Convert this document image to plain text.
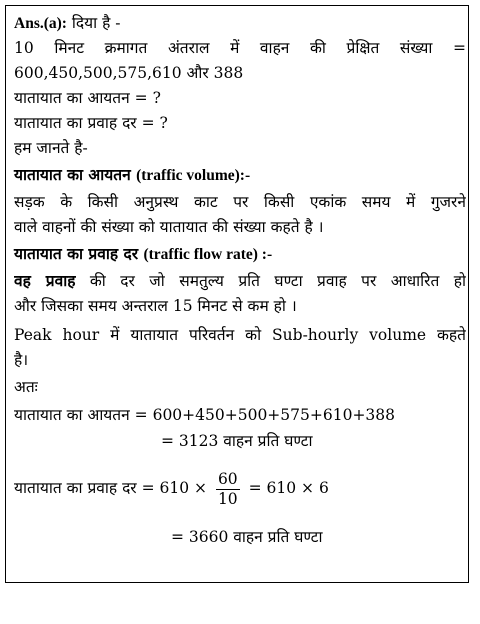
Ans.(a): दिया है -
10 मिनट क्रमागत अंतराल में वाहन की प्रेक्षित संख्या =
600,450,500,575,610 और 388
यातायात का आयतन = ?
यातायात का प्रवाह दर = ?
हम जानते है-
यातायात का आयतन (traffic volume):-
सड़क के किसी अनुप्रस्थ काट पर किसी एकांक समय में गुजरने
वाले वाहनों की संख्या को यातायात की संख्या कहते है ।
यातायात का प्रवाह दर (traffic flow rate) :-
वह प्रवाह की दर जो समतुल्य प्रति घण्टा प्रवाह पर आधारित हो
और जिसका समय अन्तराल 15 मिनट से कम हो ।
Peak hour में यातायात परिवर्तन को Sub-hourly volume कहते
है।
अतः
यातायात का आयतन = 600+450+500+575+610+388
= 3123 वाहन प्रति घण्टा
यातायात का प्रवाह दर = $610 \times \frac{60}{10} = 610 \times 6$
= 3660 वाहन प्रति घण्टा
